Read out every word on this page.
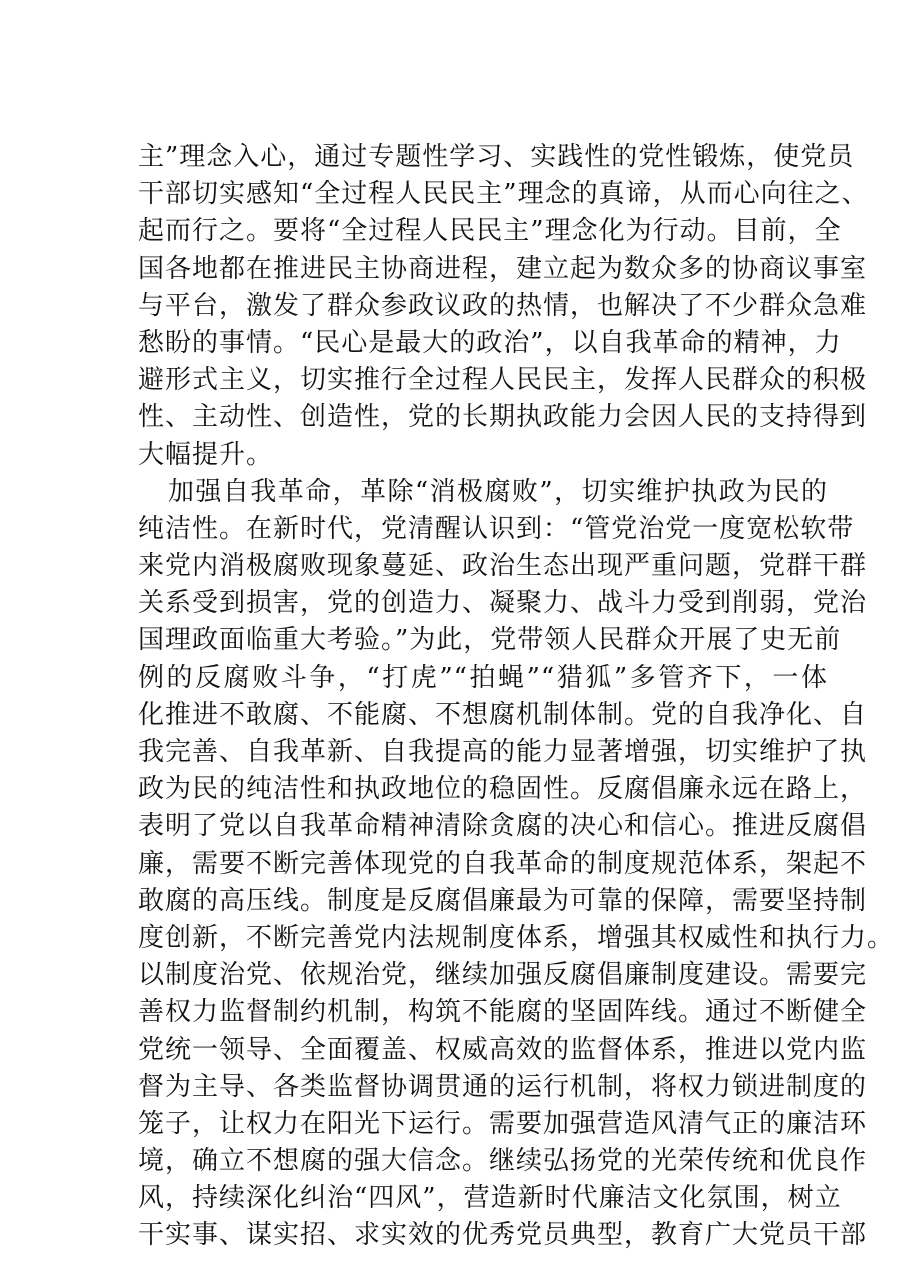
主”理念入心，通过专题性学习、实践性的党性锻炼，使党员
干部切实感知“全过程人民民主”理念的真谛，从而心向往之、
起而行之。要将“全过程人民民主”理念化为行动。目前，全
国各地都在推进民主协商进程，建立起为数众多的协商议事室
与平台，激发了群众参政议政的热情，也解决了不少群众急难
愁盼的事情。“民心是最大的政治”，以自我革命的精神，力
避形式主义，切实推行全过程人民民主，发挥人民群众的积极
性、主动性、创造性，党的长期执政能力会因人民的支持得到
大幅提升。
加强自我革命，革除“消极腐败”，切实维护执政为民的
纯洁性。在新时代，党清醒认识到：“管党治党一度宽松软带
来党内消极腐败现象蔓延、政治生态出现严重问题，党群干群
关系受到损害，党的创造力、凝聚力、战斗力受到削弱，党治
国理政面临重大考验。”为此，党带领人民群众开展了史无前
例的反腐败斗争，“打虎”“拍蝇”“猎狐”多管齐下，一体
化推进不敢腐、不能腐、不想腐机制体制。党的自我净化、自
我完善、自我革新、自我提高的能力显著增强，切实维护了执
政为民的纯洁性和执政地位的稳固性。反腐倡廉永远在路上，
表明了党以自我革命精神清除贪腐的决心和信心。推进反腐倡
廉，需要不断完善体现党的自我革命的制度规范体系，架起不
敢腐的高压线。制度是反腐倡廉最为可靠的保障，需要坚持制
度创新，不断完善党内法规制度体系，增强其权威性和执行力。
以制度治党、依规治党，继续加强反腐倡廉制度建设。需要完
善权力监督制约机制，构筑不能腐的坚固阵线。通过不断健全
党统一领导、全面覆盖、权威高效的监督体系，推进以党内监
督为主导、各类监督协调贯通的运行机制，将权力锁进制度的
笼子，让权力在阳光下运行。需要加强营造风清气正的廉洁环
境，确立不想腐的强大信念。继续弘扬党的光荣传统和优良作
风，持续深化纠治“四风”，营造新时代廉洁文化氛围，树立
干实事、谋实招、求实效的优秀党员典型，教育广大党员干部
